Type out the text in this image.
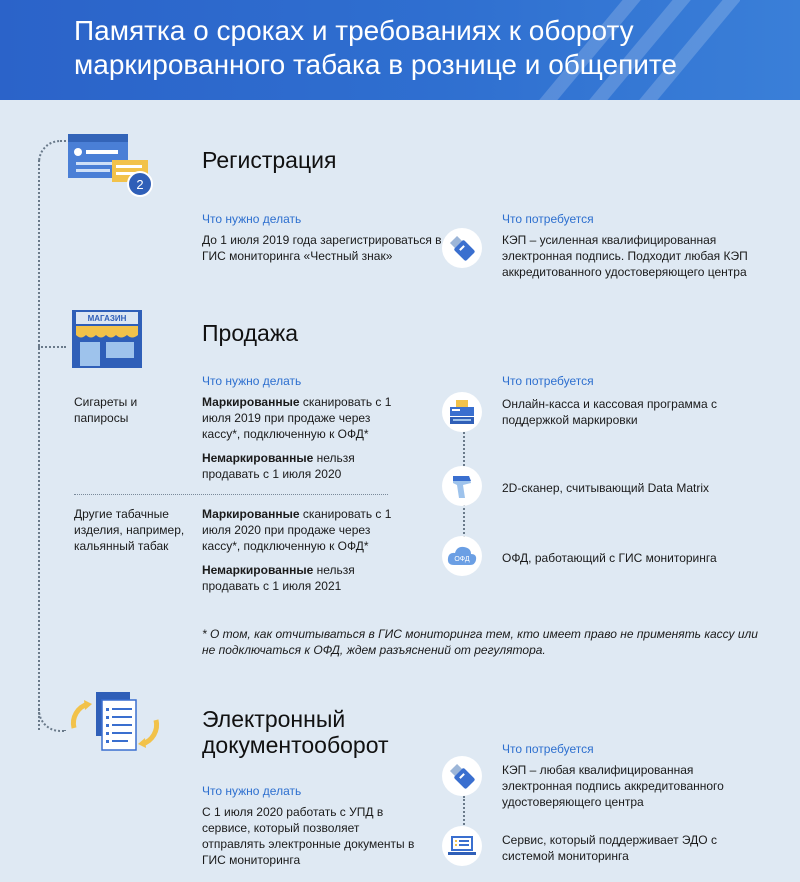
Памятка о сроках и требованиях к обороту маркированного табака в рознице и общепите
2
Регистрация
Что нужно делать
До 1 июля 2019 года зарегистрироваться в ГИС мониторинга «Честный знак»
Что потребуется
КЭП – усиленная квалифицированная электронная подпись. Подходит любая КЭП аккредитованного удостоверяющего центра
МАГАЗИН
Продажа
Что нужно делать	Что потребуется
Сигареты и папиросы
Маркированные сканировать с 1 июля 2019 при продаже через кассу*, подключенную к ОФД*
Немаркированные нельзя продавать с 1 июля 2020
Другие табачные изделия, например, кальянный табак
Маркированные сканировать с 1 июля 2020 при продаже через кассу*, подключенную к ОФД*
Немаркированные нельзя продавать с 1 июля 2021
Онлайн-касса и кассовая программа с поддержкой маркировки
2D-сканер, считывающий Data Matrix
ОФД	ОФД, работающий с ГИС мониторинга
* О том, как отчитываться в ГИС мониторинга тем, кто имеет право не применять кассу или не подключаться к ОФД, ждем разъяснений от регулятора.
Электронный документооборот
Что нужно делать
С 1 июля 2020 работать с УПД в сервисе, который позволяет отправлять электронные документы в ГИС мониторинга
Что потребуется
КЭП – любая квалифицированная электронная подпись аккредитованного удостоверяющего центра
Сервис, который поддерживает ЭДО с системой мониторинга
